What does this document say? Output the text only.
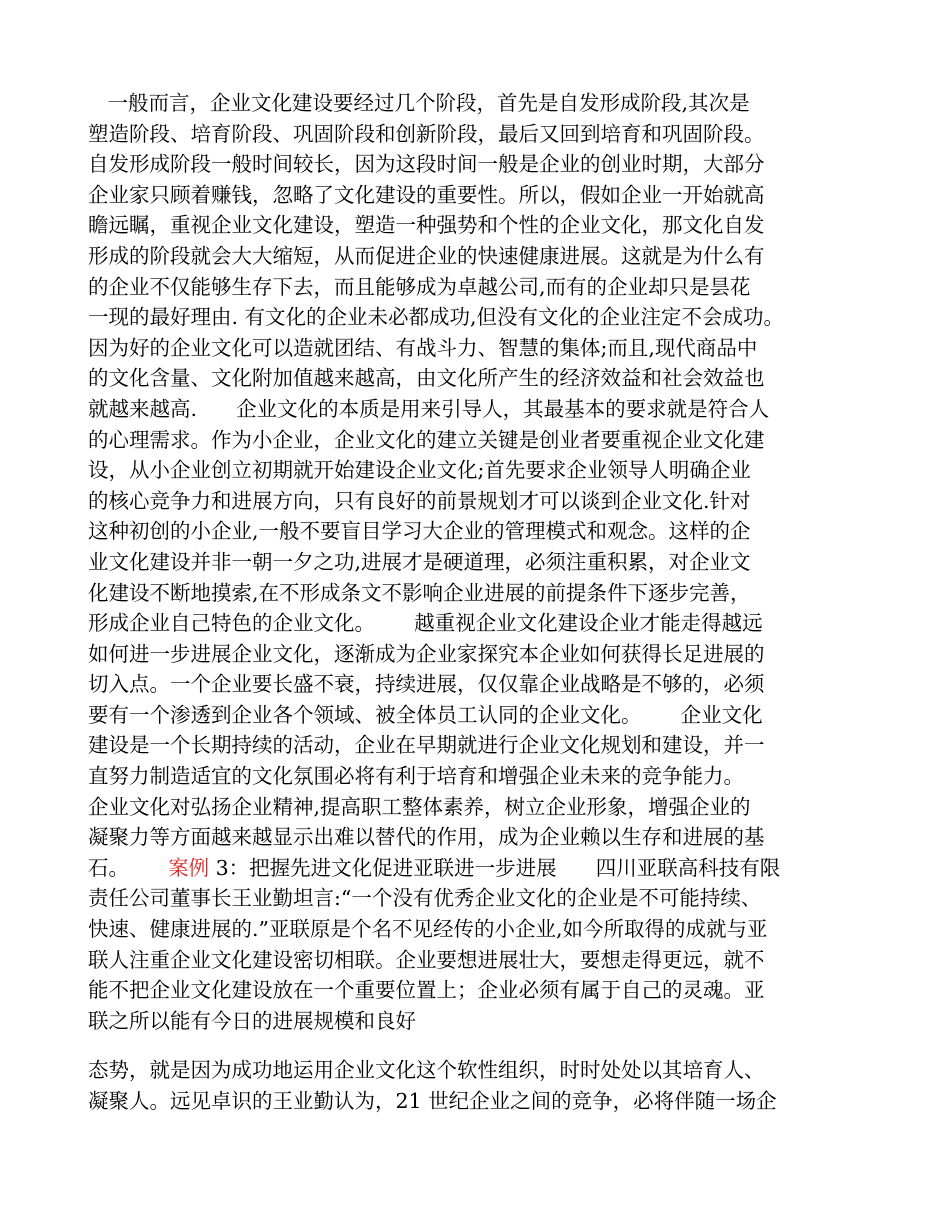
一般而言，企业文化建设要经过几个阶段，首先是自发形成阶段,其次是
塑造阶段、培育阶段、巩固阶段和创新阶段，最后又回到培育和巩固阶段。
自发形成阶段一般时间较长，因为这段时间一般是企业的创业时期，大部分
企业家只顾着赚钱，忽略了文化建设的重要性。所以，假如企业一开始就高
瞻远瞩，重视企业文化建设，塑造一种强势和个性的企业文化，那文化自发
形成的阶段就会大大缩短，从而促进企业的快速健康进展。这就是为什么有
的企业不仅能够生存下去，而且能够成为卓越公司,而有的企业却只是昙花
一现的最好理由. 有文化的企业未必都成功,但没有文化的企业注定不会成功。
因为好的企业文化可以造就团结、有战斗力、智慧的集体;而且,现代商品中
的文化含量、文化附加值越来越高，由文化所产生的经济效益和社会效益也
就越来越高.      企业文化的本质是用来引导人，其最基本的要求就是符合人
的心理需求。作为小企业，企业文化的建立关键是创业者要重视企业文化建
设，从小企业创立初期就开始建设企业文化;首先要求企业领导人明确企业
的核心竞争力和进展方向，只有良好的前景规划才可以谈到企业文化.针对
这种初创的小企业,一般不要盲目学习大企业的管理模式和观念。这样的企
业文化建设并非一朝一夕之功,进展才是硬道理，必须注重积累，对企业文
化建设不断地摸索,在不形成条文不影响企业进展的前提条件下逐步完善，
形成企业自己特色的企业文化。      越重视企业文化建设企业才能走得越远
如何进一步进展企业文化，逐渐成为企业家探究本企业如何获得长足进展的
切入点。一个企业要长盛不衰，持续进展，仅仅靠企业战略是不够的，必须
要有一个渗透到企业各个领域、被全体员工认同的企业文化。      企业文化
建设是一个长期持续的活动，企业在早期就进行企业文化规划和建设，并一
直努力制造适宜的文化氛围必将有利于培育和增强企业未来的竞争能力。
企业文化对弘扬企业精神,提高职工整体素养，树立企业形象，增强企业的
凝聚力等方面越来越显示出难以替代的作用，成为企业赖以生存和进展的基
石。      案例 3：把握先进文化促进亚联进一步进展      四川亚联高科技有限
责任公司董事长王业勤坦言:“一个没有优秀企业文化的企业是不可能持续、
快速、健康进展的.”亚联原是个名不见经传的小企业,如今所取得的成就与亚
联人注重企业文化建设密切相联。企业要想进展壮大，要想走得更远，就不
能不把企业文化建设放在一个重要位置上；企业必须有属于自己的灵魂。亚
联之所以能有今日的进展规模和良好
态势，就是因为成功地运用企业文化这个软性组织，时时处处以其培育人、
凝聚人。远见卓识的王业勤认为，21 世纪企业之间的竞争，必将伴随一场企
